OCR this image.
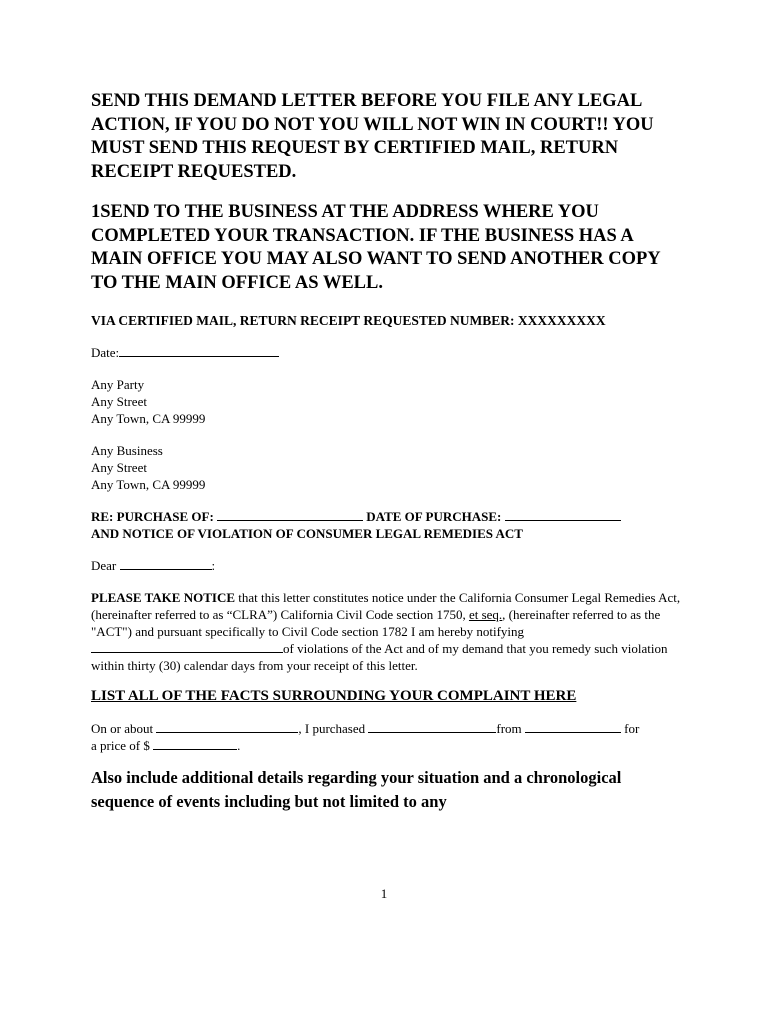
SEND THIS DEMAND LETTER BEFORE YOU FILE ANY LEGAL ACTION, IF YOU DO NOT YOU WILL NOT WIN IN COURT!! YOU MUST SEND THIS REQUEST BY CERTIFIED MAIL, RETURN RECEIPT REQUESTED.

1SEND TO THE BUSINESS AT THE ADDRESS WHERE YOU COMPLETED YOUR TRANSACTION. IF THE BUSINESS HAS A MAIN OFFICE YOU MAY ALSO WANT TO SEND ANOTHER COPY TO THE MAIN OFFICE AS WELL.

VIA CERTIFIED MAIL, RETURN RECEIPT REQUESTED NUMBER: XXXXXXXXX

Date:

Any Party

Any Street

Any Town, CA 99999

Any Business

Any Street

Any Town, CA 99999

RE: PURCHASE OF:	DATE OF PURCHASE:
AND NOTICE OF VIOLATION OF CONSUMER LEGAL REMEDIES ACT

Dear	:

PLEASE TAKE NOTICE that this letter constitutes notice under the California Consumer Legal Remedies Act, (hereinafter referred to as “CLRA”) California Civil Code section 1750, et seq., (hereinafter referred to as the "ACT") and pursuant specifically to Civil Code section 1782 I am hereby notifying of violations of the Act and of my demand that you remedy such violation within thirty (30) calendar days from your receipt of this letter.

LIST ALL OF THE FACTS SURROUNDING YOUR COMPLAINT HERE

On or about	, I purchased	from	for
a price of $	.

Also include additional details regarding your situation and a chronological sequence of events including but not limited to any

1
